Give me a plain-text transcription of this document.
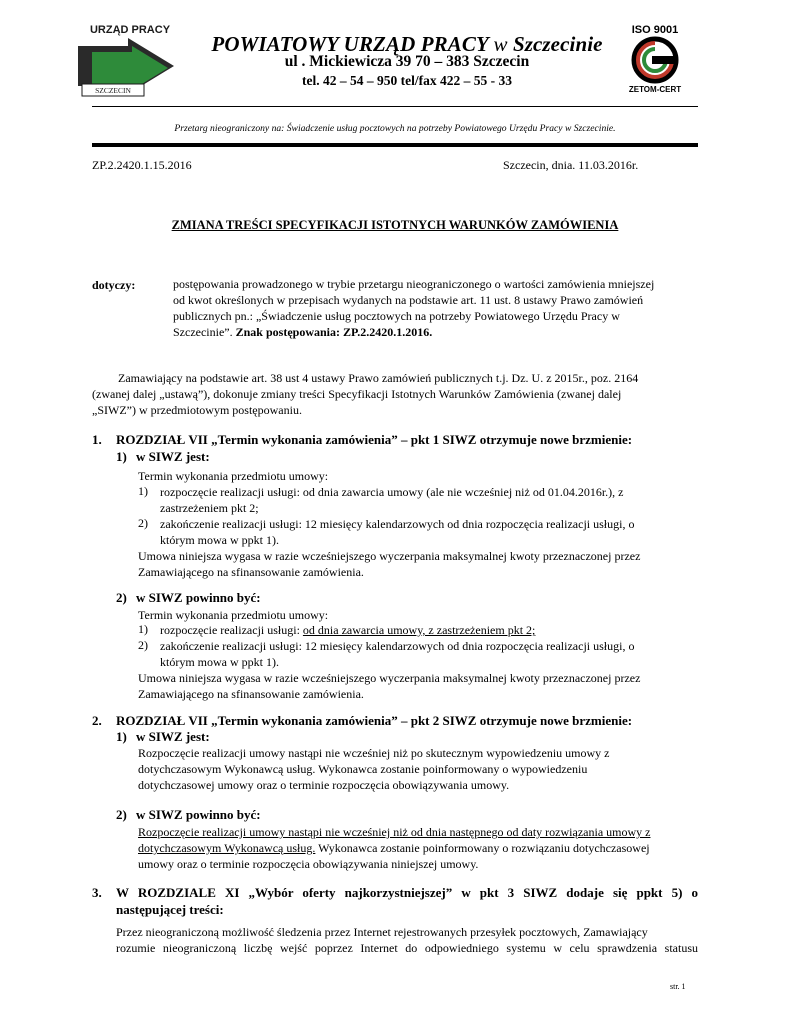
URZĄD PRACY
SZCZECIN
POWIATOWY URZĄD PRACY w Szczecinie
ul . Mickiewicza 39 70 – 383 Szczecin
tel. 42 – 54 – 950 tel/fax 422 – 55 - 33
ISO 9001
ZETOM-CERT
Przetarg nieograniczony na: Świadczenie usług pocztowych na potrzeby Powiatowego Urzędu Pracy w Szczecinie.
ZP.2.2420.1.15.2016	Szczecin, dnia. 11.03.2016r.
ZMIANA TREŚCI SPECYFIKACJI ISTOTNYCH WARUNKÓW ZAMÓWIENIA
dotyczy:	postępowania prowadzonego w trybie przetargu nieograniczonego o wartości zamówienia mniejszej
od kwot określonych w przepisach wydanych na podstawie art. 11 ust. 8 ustawy Prawo zamówień
publicznych pn.: „Świadczenie usług pocztowych na potrzeby Powiatowego Urzędu Pracy w
Szczecinie”. Znak postępowania: ZP.2.2420.1.2016.
Zamawiający na podstawie art. 38 ust 4 ustawy Prawo zamówień publicznych t.j. Dz. U. z 2015r., poz. 2164
(zwanej dalej „ustawą”), dokonuje zmiany treści Specyfikacji Istotnych Warunków Zamówienia (zwanej dalej
„SIWZ”) w przedmiotowym postępowaniu.
1. ROZDZIAŁ VII „Termin wykonania zamówienia” – pkt 1 SIWZ otrzymuje nowe brzmienie:
1) w SIWZ jest:
Termin wykonania przedmiotu umowy:
1) rozpoczęcie realizacji usługi: od dnia zawarcia umowy (ale nie wcześniej niż od 01.04.2016r.), z
zastrzeżeniem pkt 2;
2) zakończenie realizacji usługi: 12 miesięcy kalendarzowych od dnia rozpoczęcia realizacji usługi, o
którym mowa w ppkt 1).
Umowa niniejsza wygasa w razie wcześniejszego wyczerpania maksymalnej kwoty przeznaczonej przez
Zamawiającego na sfinansowanie zamówienia.
2) w SIWZ powinno być:
Termin wykonania przedmiotu umowy:
1) rozpoczęcie realizacji usługi: od dnia zawarcia umowy, z zastrzeżeniem pkt 2;
2) zakończenie realizacji usługi: 12 miesięcy kalendarzowych od dnia rozpoczęcia realizacji usługi, o
którym mowa w ppkt 1).
Umowa niniejsza wygasa w razie wcześniejszego wyczerpania maksymalnej kwoty przeznaczonej przez
Zamawiającego na sfinansowanie zamówienia.
2. ROZDZIAŁ VII „Termin wykonania zamówienia” – pkt 2 SIWZ otrzymuje nowe brzmienie:
1) w SIWZ jest:
Rozpoczęcie realizacji umowy nastąpi nie wcześniej niż po skutecznym wypowiedzeniu umowy z
dotychczasowym Wykonawcą usług. Wykonawca zostanie poinformowany o wypowiedzeniu
dotychczasowej umowy oraz o terminie rozpoczęcia obowiązywania umowy.
2) w SIWZ powinno być:
Rozpoczęcie realizacji umowy nastąpi nie wcześniej niż od dnia następnego od daty rozwiązania umowy z
dotychczasowym Wykonawcą usług. Wykonawca zostanie poinformowany o rozwiązaniu dotychczasowej
umowy oraz o terminie rozpoczęcia obowiązywania niniejszej umowy.
3. W ROZDZIALE XI „Wybór oferty najkorzystniejszej” w pkt 3 SIWZ dodaje się ppkt 5) o
następującej treści:
Przez nieograniczoną możliwość śledzenia przez Internet rejestrowanych przesyłek pocztowych, Zamawiający
rozumie nieograniczoną liczbę wejść poprzez Internet do odpowiedniego systemu w celu sprawdzenia statusu
str. 1
